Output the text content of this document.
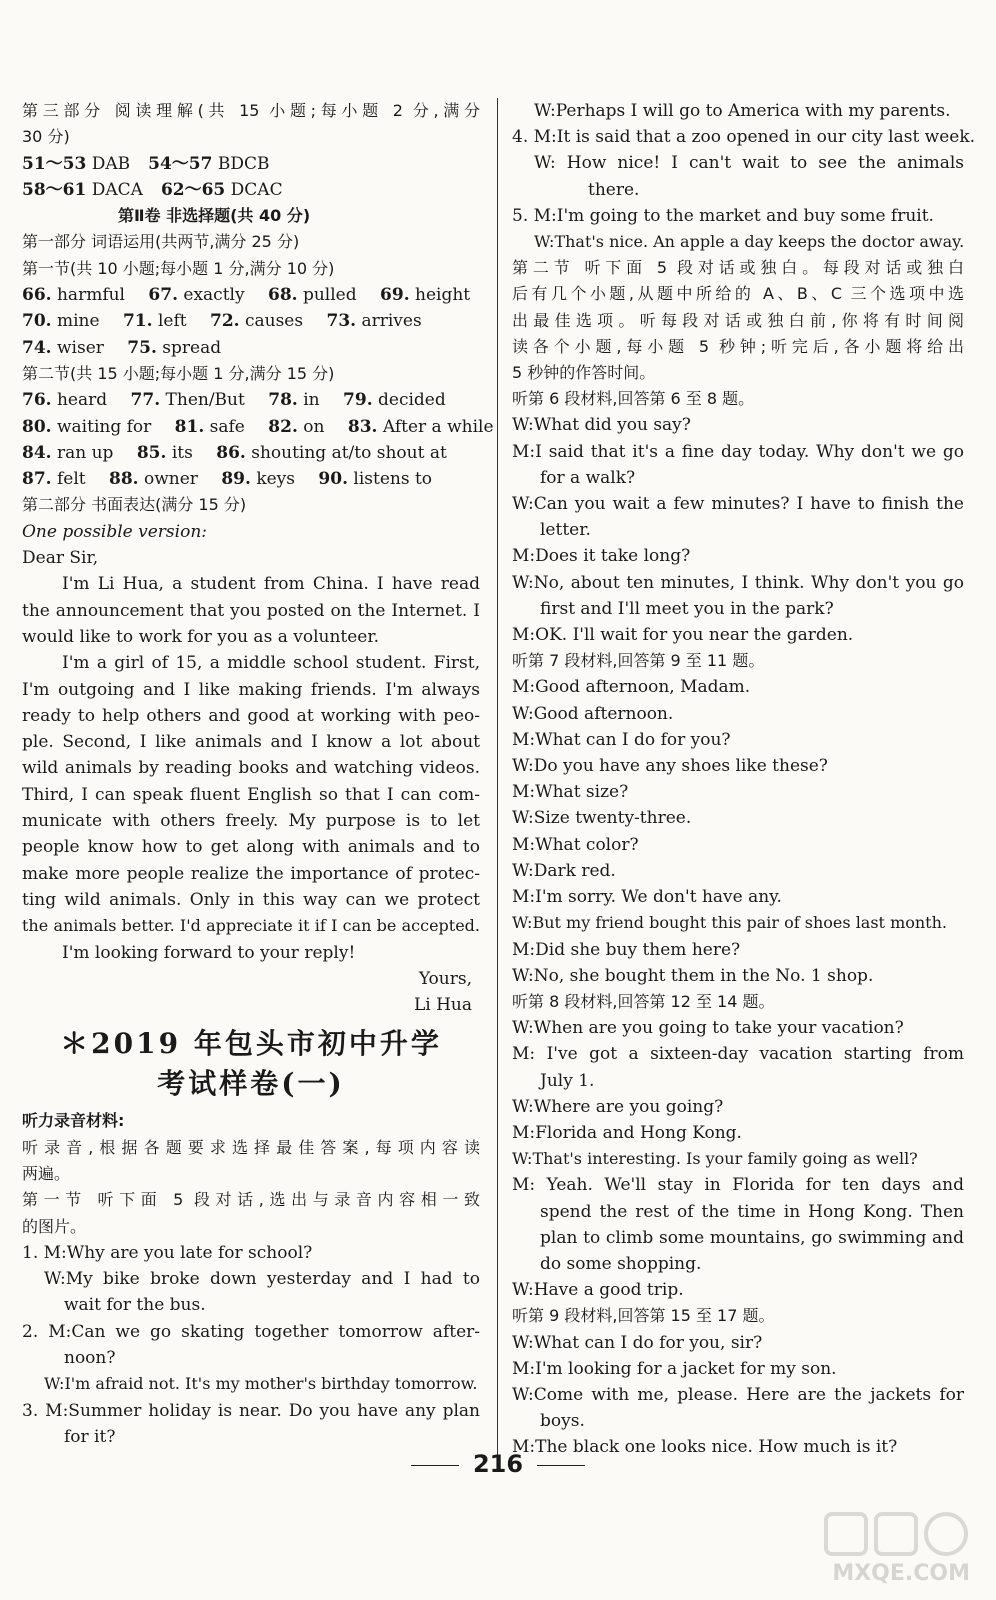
第三部分 阅读理解(共 15 小题;每小题 2 分,满分
30 分)
51～53 DAB 54～57 BDCB
58～61 DACA 62～65 DCAC
第Ⅱ卷 非选择题(共 40 分)
第一部分 词语运用(共两节,满分 25 分)
第一节(共 10 小题;每小题 1 分,满分 10 分)
66. harmful 67. exactly 68. pulled 69. height
70. mine 71. left 72. causes 73. arrives
74. wiser 75. spread
第二节(共 15 小题;每小题 1 分,满分 15 分)
76. heard 77. Then/But 78. in 79. decided
80. waiting for 81. safe 82. on 83. After a while
84. ran up 85. its 86. shouting at/to shout at
87. felt 88. owner 89. keys 90. listens to
第二部分 书面表达(满分 15 分)
One possible version:
Dear Sir,
I'm Li Hua, a student from China. I have read
the announcement that you posted on the Internet. I
would like to work for you as a volunteer.
I'm a girl of 15, a middle school student. First,
I'm outgoing and I like making friends. I'm always
ready to help others and good at working with peo-
ple. Second, I like animals and I know a lot about
wild animals by reading books and watching videos.
Third, I can speak fluent English so that I can com-
municate with others freely. My purpose is to let
people know how to get along with animals and to
make more people realize the importance of protec-
ting wild animals. Only in this way can we protect
the animals better. I'd appreciate it if I can be accepted.
I'm looking forward to your reply!
Yours,
Li Hua
＊2019 年包头市初中升学
考试样卷(一)
听力录音材料:
听录音,根据各题要求选择最佳答案,每项内容读
两遍。
第一节 听下面 5 段对话,选出与录音内容相一致
的图片。
1. M:Why are you late for school?
W:My bike broke down yesterday and I had to
wait for the bus.
2. M:Can we go skating together tomorrow after-
noon?
W:I'm afraid not. It's my mother's birthday tomorrow.
3. M:Summer holiday is near. Do you have any plan
for it?
W:Perhaps I will go to America with my parents.
4. M:It is said that a zoo opened in our city last week.
W: How nice! I can't wait to see the animals
there.
5. M:I'm going to the market and buy some fruit.
W:That's nice. An apple a day keeps the doctor away.
第二节 听下面 5 段对话或独白。每段对话或独白
后有几个小题,从题中所给的 A、B、C 三个选项中选
出最佳选项。听每段对话或独白前,你将有时间阅
读各个小题,每小题 5 秒钟;听完后,各小题将给出
5 秒钟的作答时间。
听第 6 段材料,回答第 6 至 8 题。
W:What did you say?
M:I said that it's a fine day today. Why don't we go
for a walk?
W:Can you wait a few minutes? I have to finish the
letter.
M:Does it take long?
W:No, about ten minutes, I think. Why don't you go
first and I'll meet you in the park?
M:OK. I'll wait for you near the garden.
听第 7 段材料,回答第 9 至 11 题。
M:Good afternoon, Madam.
W:Good afternoon.
M:What can I do for you?
W:Do you have any shoes like these?
M:What size?
W:Size twenty-three.
M:What color?
W:Dark red.
M:I'm sorry. We don't have any.
W:But my friend bought this pair of shoes last month.
M:Did she buy them here?
W:No, she bought them in the No. 1 shop.
听第 8 段材料,回答第 12 至 14 题。
W:When are you going to take your vacation?
M: I've got a sixteen-day vacation starting from
July 1.
W:Where are you going?
M:Florida and Hong Kong.
W:That's interesting. Is your family going as well?
M: Yeah. We'll stay in Florida for ten days and
spend the rest of the time in Hong Kong. Then
plan to climb some mountains, go swimming and
do some shopping.
W:Have a good trip.
听第 9 段材料,回答第 15 至 17 题。
W:What can I do for you, sir?
M:I'm looking for a jacket for my son.
W:Come with me, please. Here are the jackets for
boys.
M:The black one looks nice. How much is it?
216
MXQE.COM
